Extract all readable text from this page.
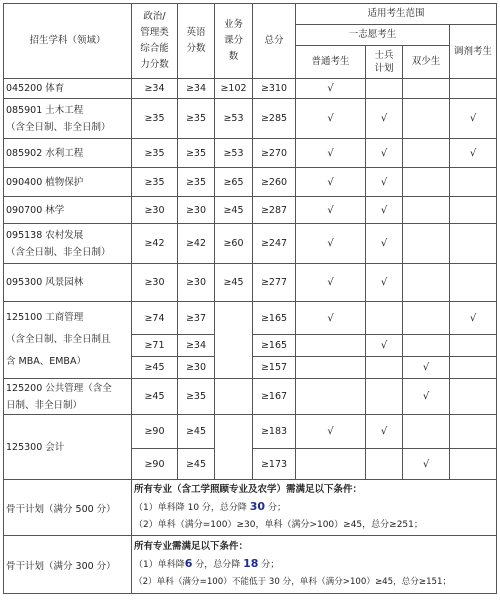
招生学科（领域）	政治/
管理类
综合能
力分数	英语
分数	业务
课分
数	总分	适用考生范围			
					一志愿考生			调剂考生
					普通考生	士兵
计划	双少生	

045200 体育	≥34	≥34	≥102	≥310	√			

085901 土木工程
（含全日制、非全日制）	≥35	≥35	≥53	≥285	√	√		√

085902 水利工程	≥35	≥35	≥53	≥270	√	√		√

090400 植物保护	≥35	≥35	≥65	≥260	√	√		

090700 林学	≥30	≥30	≥45	≥287	√	√		

095138 农村发展
（含全日制、非全日制）	≥42	≥42	≥60	≥247	√	√		

095300 风景园林	≥30	≥30	≥45	≥277	√	√		

125100 工商管理
（含全日制、非全日制且
含 MBA、EMBA）	≥74	≥37		≥165	√			√
	≥71	≥34		≥165		√		
	≥45	≥30		≥157			√	

125200 公共管理（含全
日制、非全日制）	≥45	≥35		≥167			√	

125300 会计	≥90	≥45		≥183	√	√		
	≥90	≥45		≥173			√	
骨干计划（满分 500 分）	所有专业（含工学照顾专业及农学）需满足以下条件：
（1）单科降 10 分，总分降 30 分；
（2）单科（满分=100）≥30，单科（满分>100）≥45，总分≥251；							

骨干计划（满分 300 分）	所有专业需满足以下条件：
（1）单科降6 分，总分降 18 分；
（2）单科（满分=100）不能低于 30 分，单科（满分>100）≥45，总分≥151；							
